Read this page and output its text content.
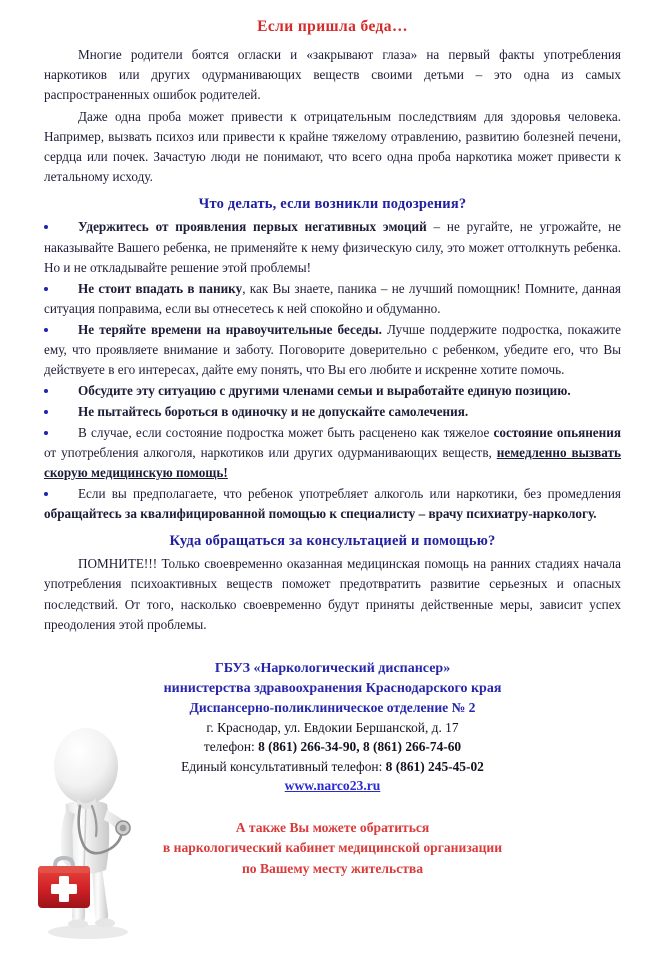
Если пришла беда…

Многие родители боятся огласки и «закрывают глаза» на первый факты употребления наркотиков или других одурманивающих веществ своими детьми – это одна из самых распространенных ошибок родителей.

Даже одна проба может привести к отрицательным последствиям для здоровья человека. Например, вызвать психоз или привести к крайне тяжелому отравлению, развитию болезней печени, сердца или почек. Зачастую люди не понимают, что всего одна проба наркотика может привести к летальному исходу.

Что делать, если возникли подозрения?
Удержитесь от проявления первых негативных эмоций – не ругайте, не угрожайте, не наказывайте Вашего ребенка, не применяйте к нему физическую силу, это может оттолкнуть ребенка. Но и не откладывайте решение этой проблемы!
Не стоит впадать в панику, как Вы знаете, паника – не лучший помощник! Помните, данная ситуация поправима, если вы отнесетесь к ней спокойно и обдуманно.
Не теряйте времени на нравоучительные беседы. Лучше поддержите подростка, покажите ему, что проявляете внимание и заботу. Поговорите доверительно с ребенком, убедите его, что Вы действуете в его интересах, дайте ему понять, что Вы его любите и искренне хотите помочь.
Обсудите эту ситуацию с другими членами семьи и выработайте единую позицию.
Не пытайтесь бороться в одиночку и не допускайте самолечения.
В случае, если состояние подростка может быть расценено как тяжелое состояние опьянения от употребления алкоголя, наркотиков или других одурманивающих веществ, немедленно вызвать скорую медицинскую помощь!
Если вы предполагаете, что ребенок употребляет алкоголь или наркотики, без промедления обращайтесь за квалифицированной помощью к специалисту – врачу психиатру-наркологу.
Куда обращаться за консультацией и помощью?

ПОМНИТЕ!!! Только своевременно оказанная медицинская помощь на ранних стадиях начала употребления психоактивных веществ поможет предотвратить развитие серьезных и опасных последствий. От того, насколько своевременно будут приняты действенные меры, зависит успех преодоления этой проблемы.

ГБУЗ «Наркологический диспансер»
нинистерства здравоохранения Краснодарского края
Диспансерно-поликлиническое отделение № 2
г. Краснодар, ул. Евдокии Бершанской, д. 17
телефон: 8 (861) 266-34-90, 8 (861) 266-74-60
Единый консультативный телефон: 8 (861) 245-45-02
www.narco23.ru
А также Вы можете обратиться
в наркологический кабинет медицинской организации
по Вашему месту жительства
